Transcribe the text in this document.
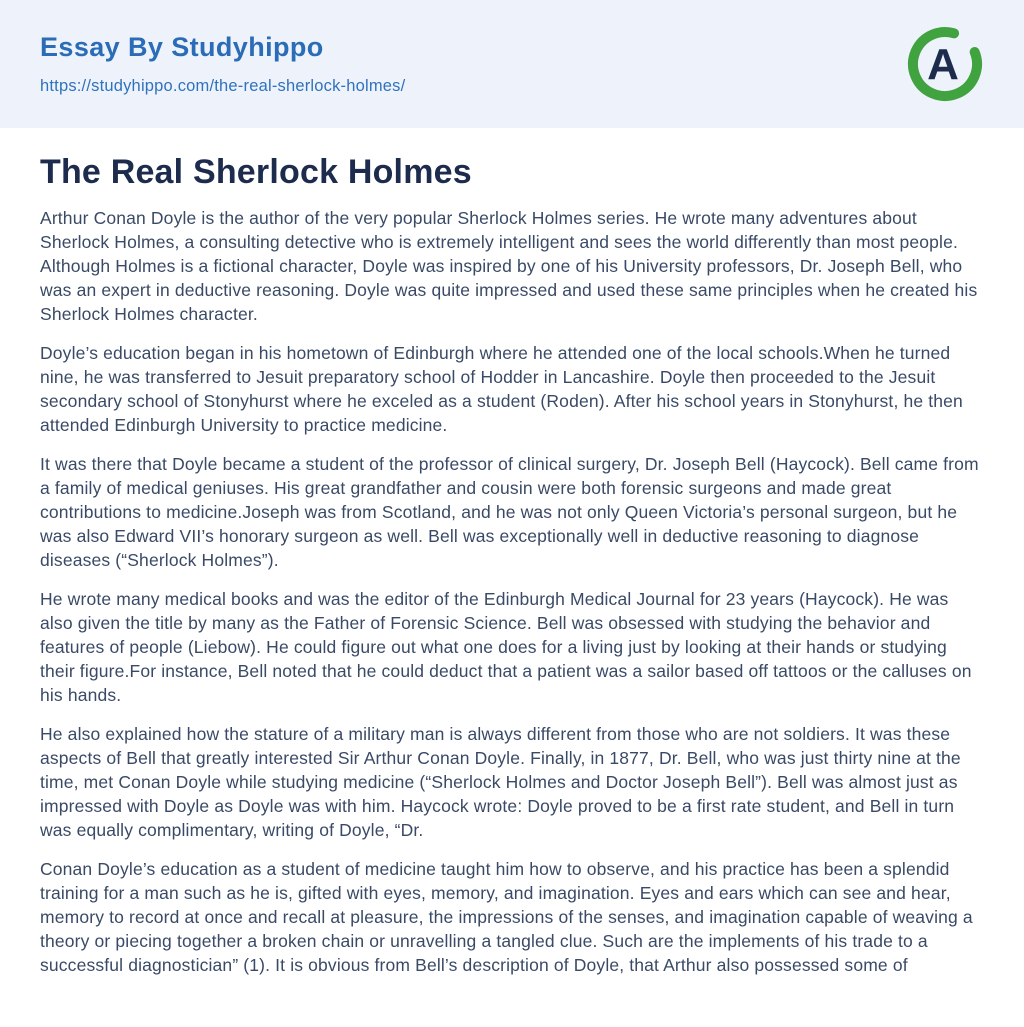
Essay By Studyhippo
https://studyhippo.com/the-real-sherlock-holmes/	A
The Real Sherlock Holmes

Arthur Conan Doyle is the author of the very popular Sherlock Holmes series. He wrote many adventures about Sherlock Holmes, a consulting detective who is extremely intelligent and sees the world differently than most people. Although Holmes is a fictional character, Doyle was inspired by one of his University professors, Dr. Joseph Bell, who was an expert in deductive reasoning. Doyle was quite impressed and used these same principles when he created his Sherlock Holmes character.

Doyle’s education began in his hometown of Edinburgh where he attended one of the local schools.When he turned nine, he was transferred to Jesuit preparatory school of Hodder in Lancashire. Doyle then proceeded to the Jesuit secondary school of Stonyhurst where he exceled as a student (Roden). After his school years in Stonyhurst, he then attended Edinburgh University to practice medicine.

It was there that Doyle became a student of the professor of clinical surgery, Dr. Joseph Bell (Haycock). Bell came from a family of medical geniuses. His great grandfather and cousin were both forensic surgeons and made great contributions to medicine.Joseph was from Scotland, and he was not only Queen Victoria’s personal surgeon, but he was also Edward VII’s honorary surgeon as well. Bell was exceptionally well in deductive reasoning to diagnose diseases (“Sherlock Holmes”).

He wrote many medical books and was the editor of the Edinburgh Medical Journal for 23 years (Haycock). He was also given the title by many as the Father of Forensic Science. Bell was obsessed with studying the behavior and features of people (Liebow). He could figure out what one does for a living just by looking at their hands or studying their figure.For instance, Bell noted that he could deduct that a patient was a sailor based off tattoos or the calluses on his hands.

He also explained how the stature of a military man is always different from those who are not soldiers. It was these aspects of Bell that greatly interested Sir Arthur Conan Doyle. Finally, in 1877, Dr. Bell, who was just thirty nine at the time, met Conan Doyle while studying medicine (“Sherlock Holmes and Doctor Joseph Bell”). Bell was almost just as impressed with Doyle as Doyle was with him. Haycock wrote: Doyle proved to be a first rate student, and Bell in turn was equally complimentary, writing of Doyle, “Dr.

Conan Doyle’s education as a student of medicine taught him how to observe, and his practice has been a splendid training for a man such as he is, gifted with eyes, memory, and imagination. Eyes and ears which can see and hear, memory to record at once and recall at pleasure, the impressions of the senses, and imagination capable of weaving a theory or piecing together a broken chain or unravelling a tangled clue. Such are the implements of his trade to a successful diagnostician” (1). It is obvious from Bell’s description of Doyle, that Arthur also possessed some of
